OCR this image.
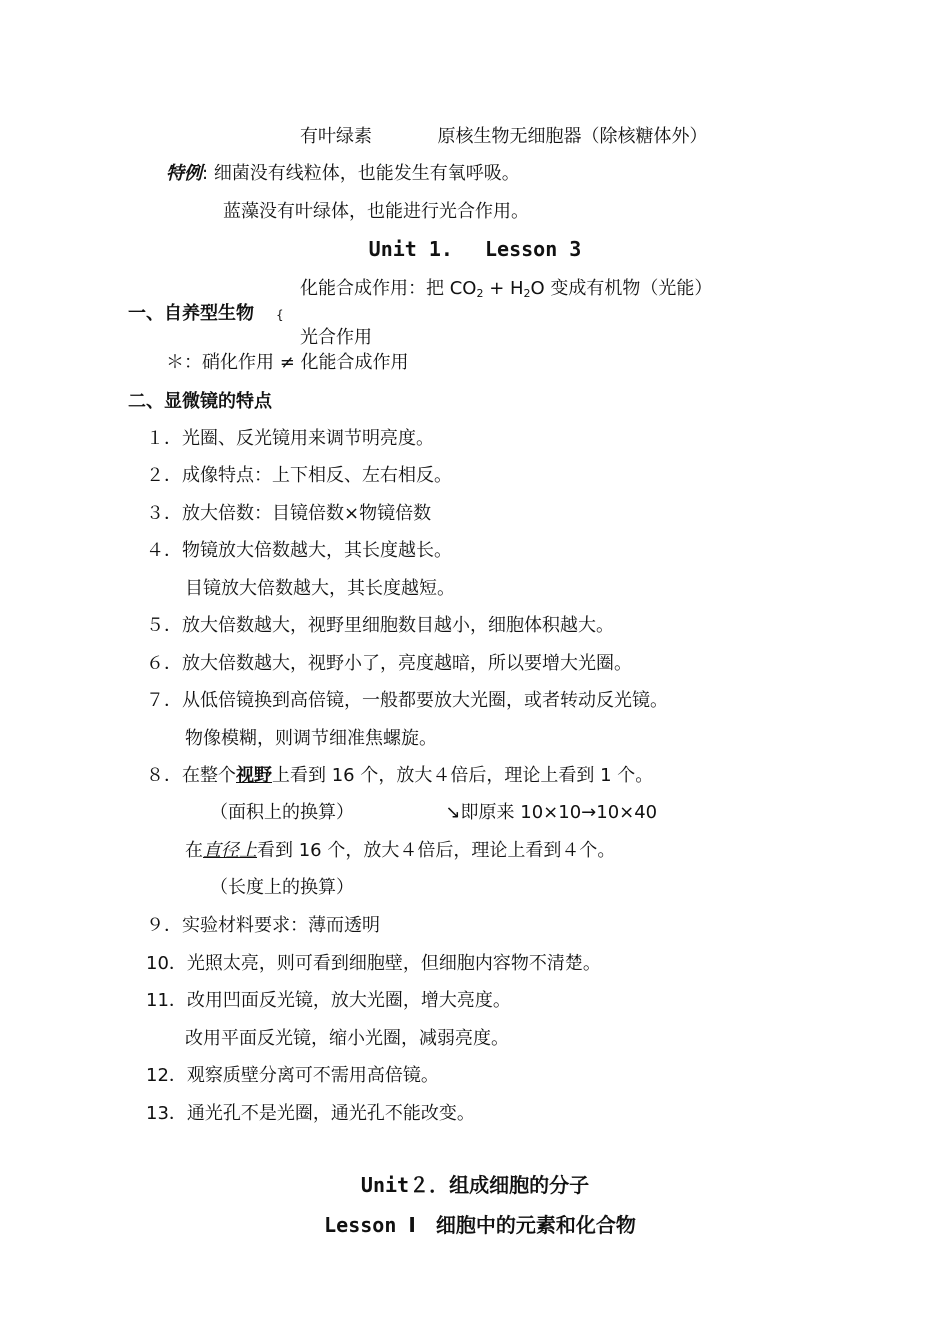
有叶绿素	原核生物无细胞器（除核糖体外）
特例: 细菌没有线粒体，也能发生有氧呼吸。
蓝藻没有叶绿体，也能进行光合作用。
Unit 1.　 Lesson 3
化能合成作用：把 $CO_2 + H_2O$ 变成有机物（光能）
一、自养型生物 {
光合作用
＊：硝化作用 ≠ 化能合成作用
二、显微镜的特点
１．光圈、反光镜用来调节明亮度。
２．成像特点：上下相反、左右相反。
３．放大倍数：目镜倍数×物镜倍数
４．物镜放大倍数越大，其长度越长。
目镜放大倍数越大，其长度越短。
５．放大倍数越大，视野里细胞数目越小，细胞体积越大。
６．放大倍数越大，视野小了，亮度越暗，所以要增大光圈。
７．从低倍镜换到高倍镜，一般都要放大光圈，或者转动反光镜。
物像模糊，则调节细准焦螺旋。
８．在整个视野上看到 16 个，放大４倍后，理论上看到 1 个。
（面积上的换算）	↘即原来 10×10→10×40
在直径上看到 16 个，放大４倍后，理论上看到４个。
（长度上的换算）
９．实验材料要求：薄而透明
10．光照太亮，则可看到细胞壁，但细胞内容物不清楚。
11．改用凹面反光镜，放大光圈，增大亮度。
改用平面反光镜，缩小光圈，减弱亮度。
12．观察质壁分离可不需用高倍镜。
13．通光孔不是光圈，通光孔不能改变。
Unit２．组成细胞的分子
Lesson Ⅰ　细胞中的元素和化合物
